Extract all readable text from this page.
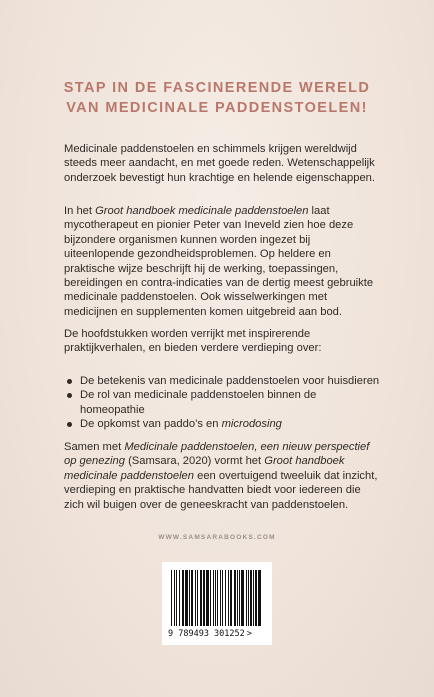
STAP IN DE FASCINERENDE WERELD
VAN MEDICINALE PADDENSTOELEN!
Medicinale paddenstoelen en schimmels krijgen wereldwijd steeds meer aandacht, en met goede reden. Wetenschappelijk onderzoek bevestigt hun krachtige en helende eigenschappen.
In het Groot handboek medicinale paddenstoelen laat mycotherapeut en pionier Peter van Ineveld zien hoe deze bijzondere organismen kunnen worden ingezet bij uiteenlopende gezondheidsproblemen. Op heldere en praktische wijze beschrijft hij de werking, toepassingen, bereidingen en contra-indicaties van de dertig meest gebruikte medicinale paddenstoelen. Ook wisselwerkingen met medicijnen en supplementen komen uitgebreid aan bod.
De hoofdstukken worden verrijkt met inspirerende praktijkverhalen, en bieden verdere verdieping over:
De betekenis van medicinale paddenstoelen voor huisdieren
De rol van medicinale paddenstoelen binnen de homeopathie
De opkomst van paddo’s en microdosing
Samen met Medicinale paddenstoelen, een nieuw perspectief op genezing (Samsara, 2020) vormt het Groot handboek medicinale paddenstoelen een overtuigend tweeluik dat inzicht, verdieping en praktische handvatten biedt voor iedereen die zich wil buigen over de geneeskracht van paddenstoelen.
WWW.SAMSARABOOKS.COM
9 789493 301252 >
